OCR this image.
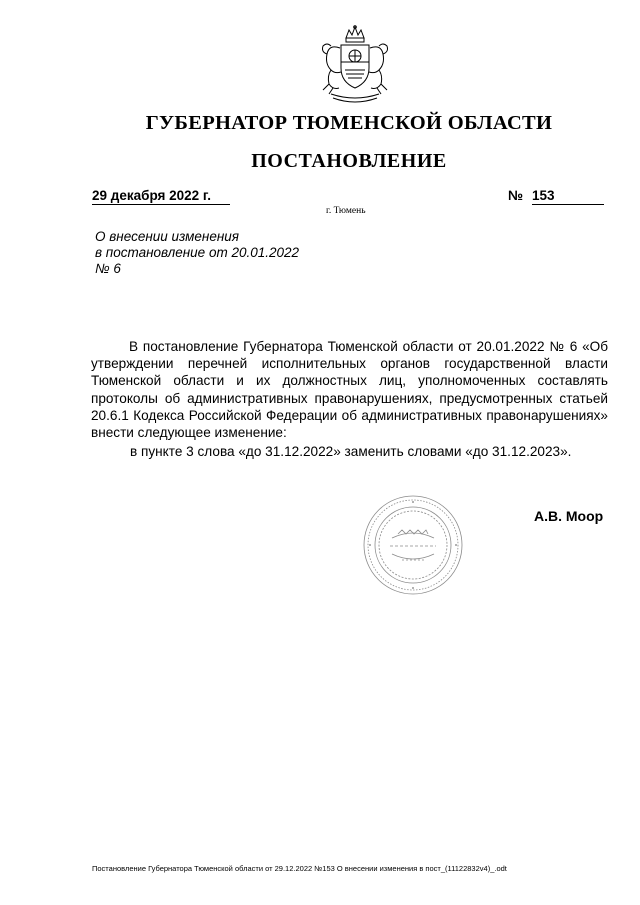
ГУБЕРНАТОР ТЮМЕНСКОЙ ОБЛАСТИ
ПОСТАНОВЛЕНИЕ
29 декабря 2022 г.	№ 153
г. Тюмень
О внесении изменения
в постановление от 20.01.2022
№ 6

В постановление Губернатора Тюменской области от 20.01.2022 № 6 «Об утверждении перечней исполнительных органов государственной власти Тюменской области и их должностных лиц, уполномоченных составлять протоколы об административных правонарушениях, предусмотренных статьей 20.6.1 Кодекса Российской Федерации об административных правонарушениях» внести следующее изменение:

в пункте 3 слова «до 31.12.2022» заменить словами «до 31.12.2023».

А.В. Моор
Постановление Губернатора Тюменской области от 29.12.2022 №153 О внесении изменения в пост_(11122832v4)_.odt
